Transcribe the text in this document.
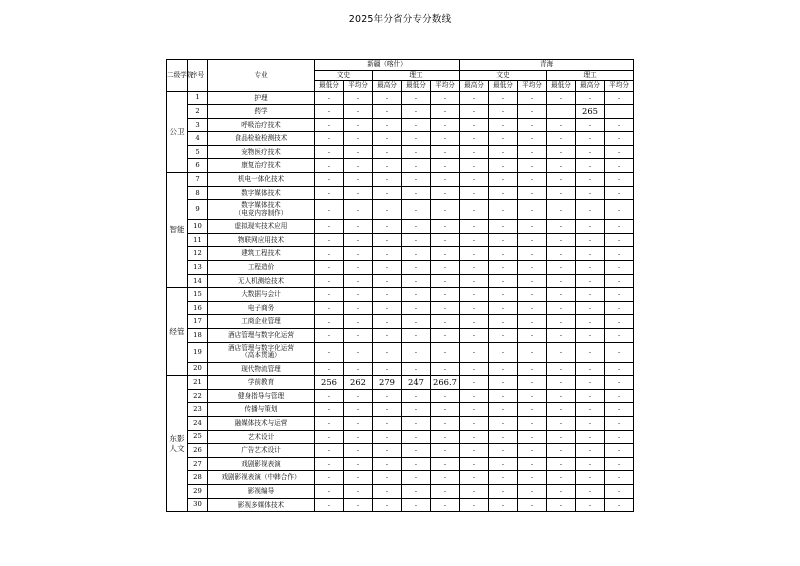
2025年分省分专分数线
二级学院	序号	专业	新疆（喀什）					青海					
			文史		理工			文史			理工		
			最低分	平均分	最高分	最低分	平均分	最高分	最低分	平均分	最低分	最高分	平均分
公卫	1	护理	-	-	-	-	-	-	-	-	-	-	-
	2	药学	-	-	-	-	-	-	-	-		265	
	3	呼吸治疗技术	-	-	-	-	-	-	-	-	-	-	-
	4	食品检验检测技术	-	-	-	-	-	-	-	-	-	-	-
	5	宠物医疗技术	-	-	-	-	-	-	-	-	-	-	-
	6	康复治疗技术	-	-	-	-	-	-	-	-	-	-	-
智能	7	机电一体化技术	-	-	-	-	-	-	-	-	-	-	-
	8	数字媒体技术	-	-	-	-	-	-	-	-	-	-	-
	9	数字媒体技术
（电竞内容制作）	-	-	-	-	-	-	-	-	-	-	-
	10	虚拟现实技术应用	-	-	-	-	-	-	-	-	-	-	-
	11	物联网应用技术	-	-	-	-	-	-	-	-	-	-	-
	12	建筑工程技术	-	-	-	-	-	-	-	-	-	-	-
	13	工程造价	-	-	-	-	-	-	-	-	-	-	-
	14	无人机测绘技术	-	-	-	-	-	-	-	-	-	-	-
经管	15	大数据与会计	-	-	-	-	-	-	-	-	-	-	-
	16	电子商务	-	-	-	-	-	-	-	-	-	-	-
	17	工商企业管理	-	-	-	-	-	-	-	-	-	-	-
	18	酒店管理与数字化运营	-	-	-	-	-	-	-	-	-	-	-
	19	酒店管理与数字化运营
（高本贯通）	-	-	-	-	-	-	-	-	-	-	-
	20	现代物流管理	-	-	-	-	-	-	-	-	-	-	-
东影
人文	21	学前教育	256	262	279	247	266.7	-	-	-	-	-	-
	22	健身指导与管理	-	-	-	-	-	-	-	-	-	-	-
	23	传播与策划	-	-	-	-	-	-	-	-	-	-	-
	24	融媒体技术与运营	-	-	-	-	-	-	-	-	-	-	-
	25	艺术设计	-	-	-	-	-	-	-	-	-	-	-
	26	广告艺术设计	-	-	-	-	-	-	-	-	-	-	-
	27	戏剧影视表演	-	-	-	-	-	-	-	-	-	-	-
	28	戏剧影视表演（中韩合作）	-	-	-	-	-	-	-	-	-	-	-
	29	影视编导	-	-	-	-	-	-	-	-	-	-	-
	30	影视多媒体技术	-	-	-	-	-	-	-	-	-	-	-
